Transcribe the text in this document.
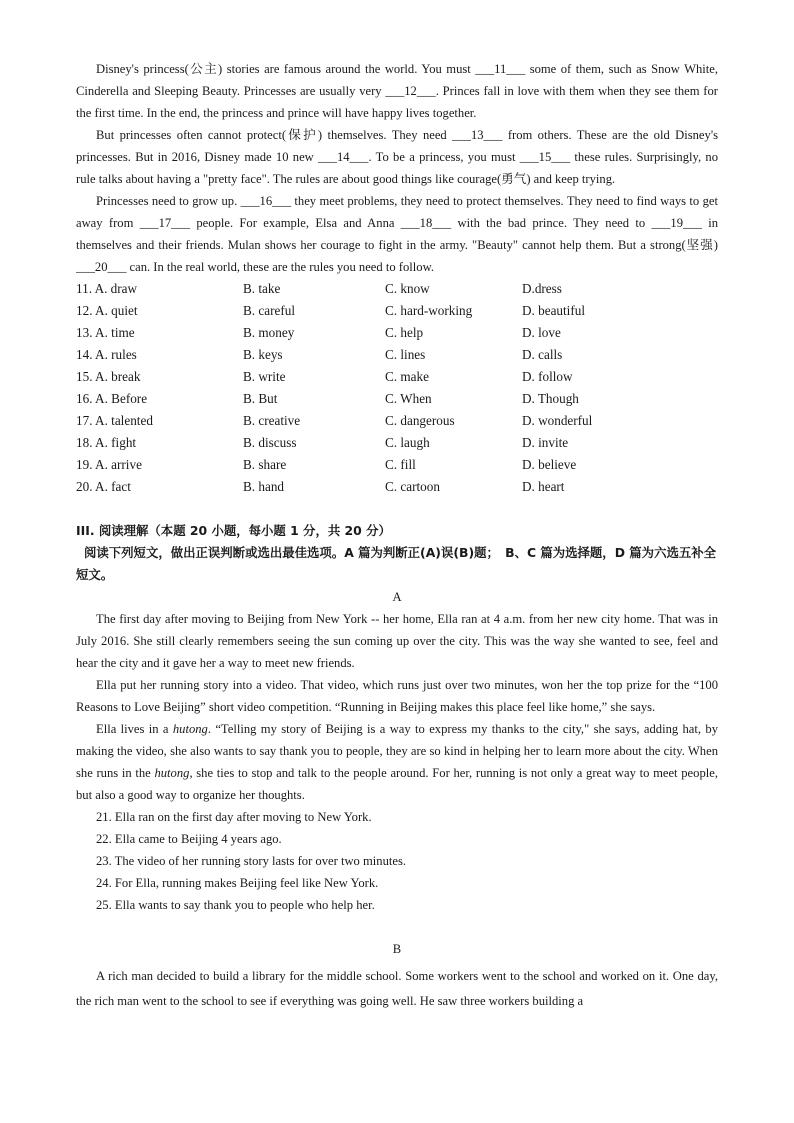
Disney's princess(公主) stories are famous around the world. You must ___11___ some of them, such as Snow White, Cinderella and Sleeping Beauty. Princesses are usually very ___12___. Princes fall in love with them when they see them for the first time. In the end, the princess and prince will have happy lives together.

But princesses often cannot protect(保护) themselves. They need ___13___ from others. These are the old Disney's princesses. But in 2016, Disney made 10 new ___14___. To be a princess, you must ___15___ these rules. Surprisingly, no rule talks about having a "pretty face". The rules are about good things like courage(勇气) and keep trying.

Princesses need to grow up. ___16___ they meet problems, they need to protect themselves. They need to find ways to get away from ___17___ people. For example, Elsa and Anna ___18___ with the bad prince. They need to ___19___ in themselves and their friends. Mulan shows her courage to fight in the army. "Beauty" cannot help them. But a strong(坚强) ___20___ can. In the real world, these are the rules you need to follow.

11. A. draw	B. take	C. know	D.dress
12. A. quiet	B. careful	C. hard-working	D. beautiful
13. A. time	B. money	C. help	D. love
14. A. rules	B. keys	C. lines	D. calls
15. A. break	B. write	C. make	D. follow
16. A. Before	B. But	C. When	D. Though
17. A. talented	B. creative	C. dangerous	D. wonderful
18. A. fight	B. discuss	C. laugh	D. invite
19. A. arrive	B. share	C. fill	D. believe
20. A. fact	B. hand	C. cartoon	D. heart
III. 阅读理解（本题 20 小题，每小题 1 分，共 20 分）
阅读下列短文，做出正误判断或选出最佳选项。A 篇为判断正(A)误(B)题；　B、C 篇为选择题，D 篇为六选五补全短文。
A

The first day after moving to Beijing from New York -- her home, Ella ran at 4 a.m. from her new city home. That was in July 2016. She still clearly remembers seeing the sun coming up over the city. This was the way she wanted to see, feel and hear the city and it gave her a way to meet new friends.

Ella put her running story into a video. That video, which runs just over two minutes, won her the top prize for the “100 Reasons to Love Beijing” short video competition. “Running in Beijing makes this place feel like home,” she says.

Ella lives in a hutong. “Telling my story of Beijing is a way to express my thanks to the city," she says, adding hat, by making the video, she also wants to say thank you to people, they are so kind in helping her to learn more about the city. When she runs in the hutong, she ties to stop and talk to the people around. For her, running is not only a great way to meet people, but also a good way to organize her thoughts.

21. Ella ran on the first day after moving to New York.
22. Ella came to Beijing 4 years ago.
23. The video of her running story lasts for over two minutes.
24. For Ella, running makes Beijing feel like New York.
25. Ella wants to say thank you to people who help her.
B

A rich man decided to build a library for the middle school. Some workers went to the school and worked on it. One day, the rich man went to the school to see if everything was going well. He saw three workers building a
